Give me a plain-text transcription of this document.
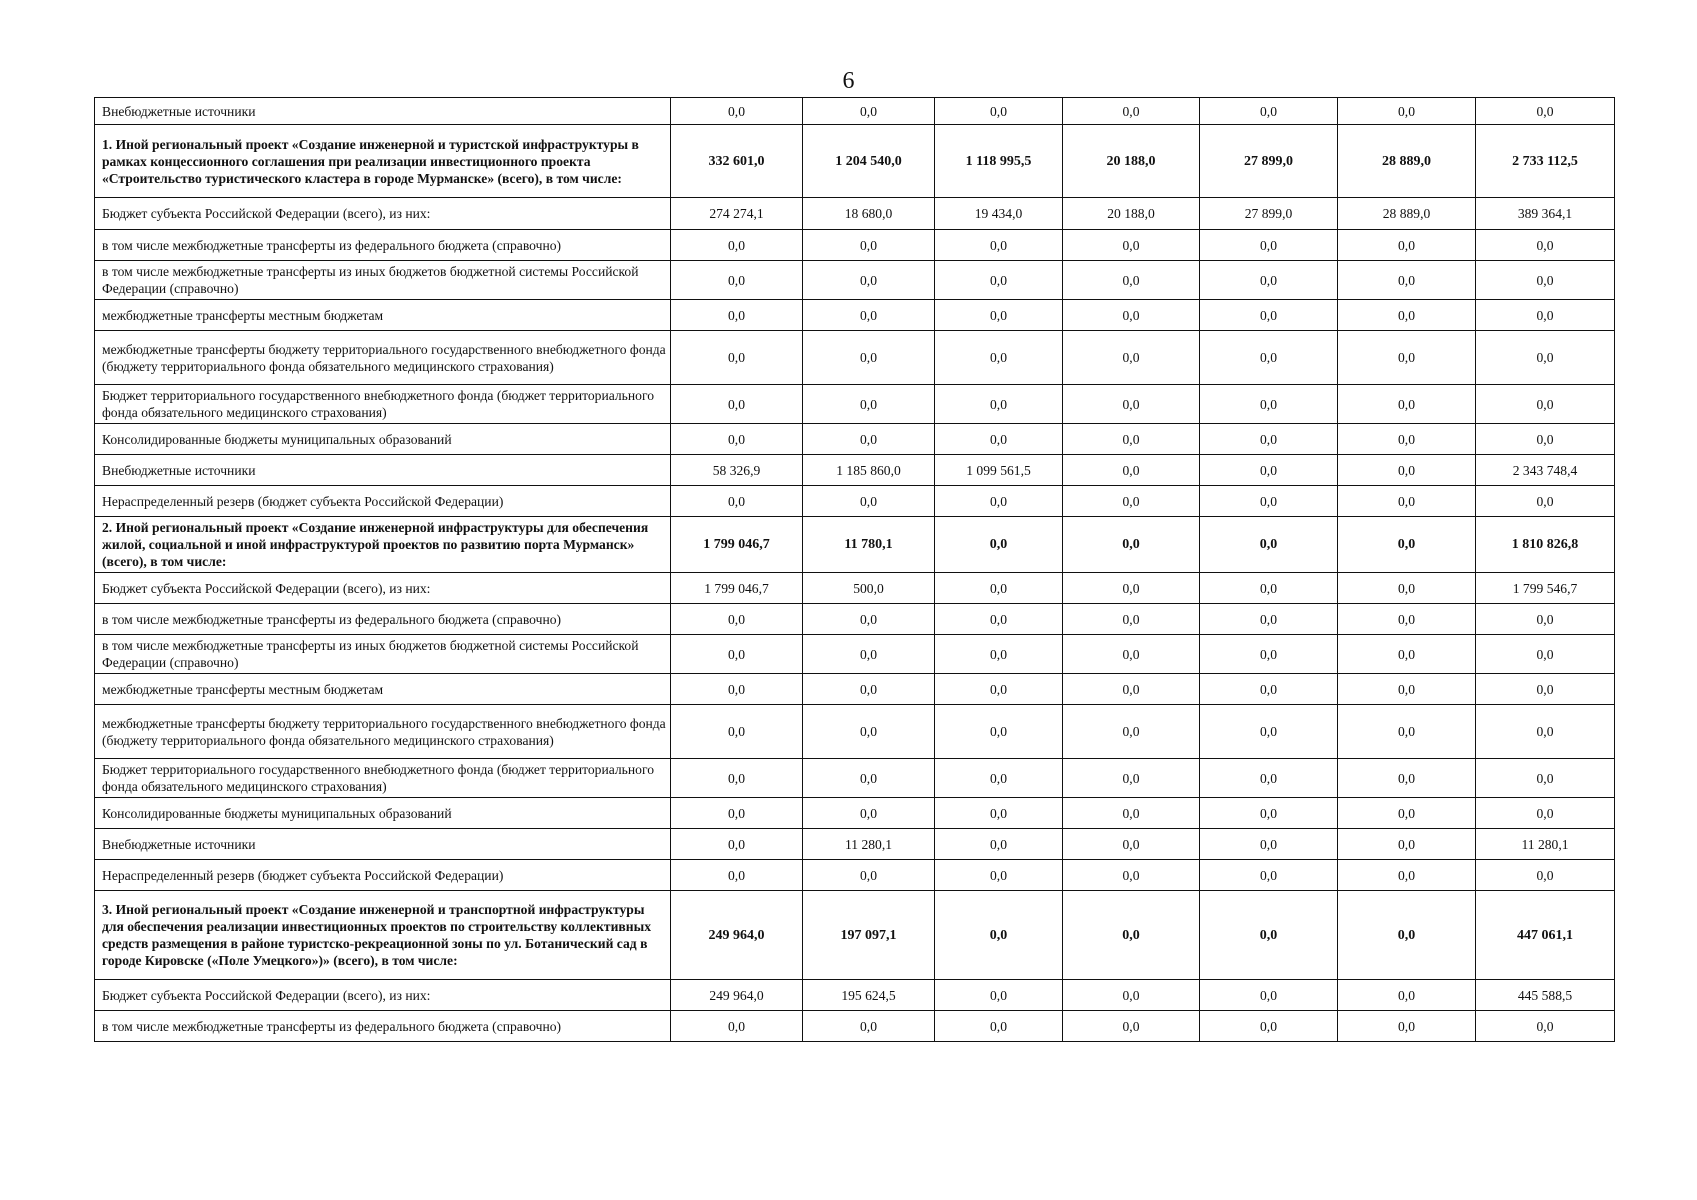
6
Внебюджетные источники	0,0	0,0	0,0	0,0	0,0	0,0	0,0
1. Иной региональный проект «Создание инженерной и туристской инфраструктуры в рамках концессионного соглашения при реализации инвестиционного проекта «Строительство туристического кластера в городе Мурманске» (всего), в том числе:	332 601,0	1 204 540,0	1 118 995,5	20 188,0	27 899,0	28 889,0	2 733 112,5
Бюджет субъекта Российской Федерации (всего), из них:	274 274,1	18 680,0	19 434,0	20 188,0	27 899,0	28 889,0	389 364,1
в том числе межбюджетные трансферты из федерального бюджета (справочно)	0,0	0,0	0,0	0,0	0,0	0,0	0,0
в том числе межбюджетные трансферты из иных бюджетов бюджетной системы Российской Федерации (справочно)	0,0	0,0	0,0	0,0	0,0	0,0	0,0
межбюджетные трансферты местным бюджетам	0,0	0,0	0,0	0,0	0,0	0,0	0,0
межбюджетные трансферты бюджету территориального государственного внебюджетного фонда (бюджету территориального фонда обязательного медицинского страхования)	0,0	0,0	0,0	0,0	0,0	0,0	0,0
Бюджет территориального государственного внебюджетного фонда (бюджет территориального фонда обязательного медицинского страхования)	0,0	0,0	0,0	0,0	0,0	0,0	0,0
Консолидированные бюджеты муниципальных образований	0,0	0,0	0,0	0,0	0,0	0,0	0,0
Внебюджетные источники	58 326,9	1 185 860,0	1 099 561,5	0,0	0,0	0,0	2 343 748,4
Нераспределенный резерв (бюджет субъекта Российской Федерации)	0,0	0,0	0,0	0,0	0,0	0,0	0,0
2. Иной региональный проект «Создание инженерной инфраструктуры для обеспечения жилой, социальной и иной инфраструктурой проектов по развитию порта Мурманск» (всего), в том числе:	1 799 046,7	11 780,1	0,0	0,0	0,0	0,0	1 810 826,8
Бюджет субъекта Российской Федерации (всего), из них:	1 799 046,7	500,0	0,0	0,0	0,0	0,0	1 799 546,7
в том числе межбюджетные трансферты из федерального бюджета (справочно)	0,0	0,0	0,0	0,0	0,0	0,0	0,0
в том числе межбюджетные трансферты из иных бюджетов бюджетной системы Российской Федерации (справочно)	0,0	0,0	0,0	0,0	0,0	0,0	0,0
межбюджетные трансферты местным бюджетам	0,0	0,0	0,0	0,0	0,0	0,0	0,0
межбюджетные трансферты бюджету территориального государственного внебюджетного фонда (бюджету территориального фонда обязательного медицинского страхования)	0,0	0,0	0,0	0,0	0,0	0,0	0,0
Бюджет территориального государственного внебюджетного фонда (бюджет территориального фонда обязательного медицинского страхования)	0,0	0,0	0,0	0,0	0,0	0,0	0,0
Консолидированные бюджеты муниципальных образований	0,0	0,0	0,0	0,0	0,0	0,0	0,0
Внебюджетные источники	0,0	11 280,1	0,0	0,0	0,0	0,0	11 280,1
Нераспределенный резерв (бюджет субъекта Российской Федерации)	0,0	0,0	0,0	0,0	0,0	0,0	0,0
3. Иной региональный проект «Создание инженерной и транспортной инфраструктуры для обеспечения реализации инвестиционных проектов по строительству коллективных средств размещения в районе туристско-рекреационной зоны по ул. Ботанический сад в городе Кировске («Поле Умецкого»)» (всего), в том числе:	249 964,0	197 097,1	0,0	0,0	0,0	0,0	447 061,1
Бюджет субъекта Российской Федерации (всего), из них:	249 964,0	195 624,5	0,0	0,0	0,0	0,0	445 588,5
в том числе межбюджетные трансферты из федерального бюджета (справочно)	0,0	0,0	0,0	0,0	0,0	0,0	0,0
